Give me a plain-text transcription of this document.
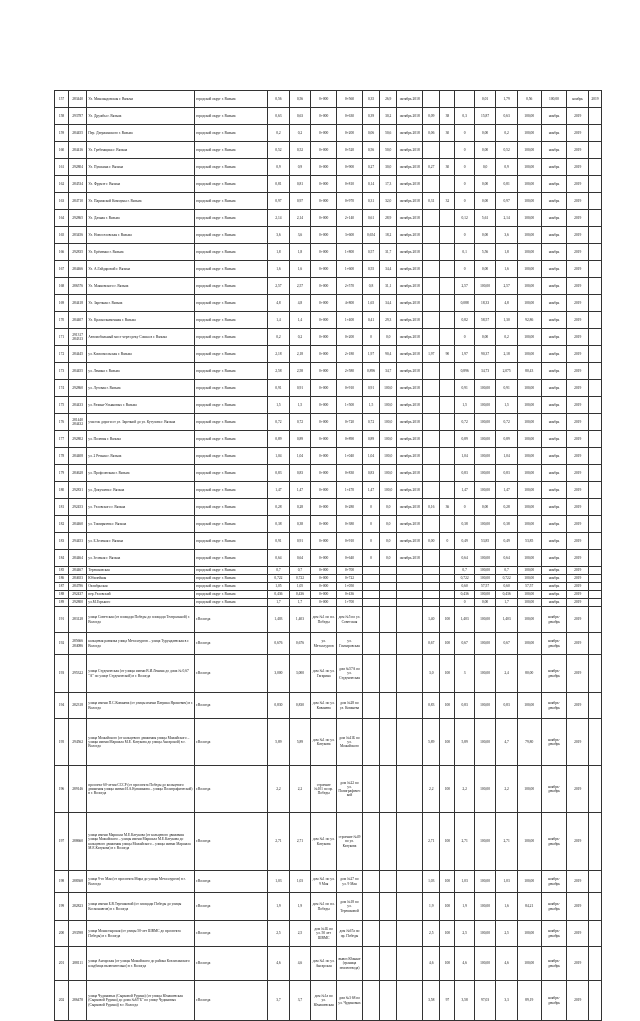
157	283440	Ул. Минландовская г. Вязьма	городской округ г. Вязьма	0,56	0,56	0+000	0+560	0,35	26,9	октябрь 2018				0,01	1,79	0,56	100,00	ноябрь	2019
158	293787	Ул. Дружбы г. Вязьма	городской округ г. Вязьма	0,63	0,63	0+000	0+630	0,39	30,2	октябрь 2018	0,09	38	0,3	15,87	0,63	100,00	ноябрь	2019	
159	284455	Пер. Дзержинского г. Вязьма	городской округ г. Вязьма	0,2	0,2	0+000	0+200	0,06	50,6	октябрь 2018	0,06	30	0	0,00	0,2	100,00	ноябрь	2019	
160	284416	Ул. Гребенщика г. Вязьма	городской округ г. Вязьма	0,52	0,52	0+000	0+520	0,56	50,0	октябрь 2018			0	0,00	0,52	100,00	ноябрь	2019	
161	292804	Ул. Пушкина г. Вязьма	городской округ г. Вязьма	0,9	0,9	0+000	0+900	0,27	30,0	октябрь 2018	0,27	30	0	0,0	0,9	100,00	ноябрь	2019	
162	284534	Ул. Фрунзе г. Вязьма	городской округ г. Вязьма	0,81	0,81	0+000	0+810	0,14	17,3	октябрь 2018			0	0,00	0,81	100,00	ноябрь	2019	
163	284710	Ул. Парижской Коммуны г. Вязьма	городской округ г. Вязьма	0,97	0,97	0+000	0+970	0,31	32,0	октябрь 2018	0,31	32	0	0,00	0,97	100,00	ноябрь	2019	
164	292865	Ул. Дачная г. Вязьма	городской округ г. Вязьма	2,14	2,14	0+000	2+140	0,61	28,9	октябрь 2018			0,12	5,61	2,14	100,00	ноябрь	2019	
165	283456	Ул. Новоселовская г. Вязьма	городской округ г. Вязьма	3,6	3,6	0+000	3+600	0,654	18,2	октябрь 2018			0	0,00	3,6	100,00	ноябрь	2019	
166	292835	Ул. Ерёменко г. Вязьма	городской округ г. Вязьма	1,8	1,8	0+000	1+800	0,57	31,7	октябрь 2018			0,1	5,56	1,8	100,00	ноябрь	2019	
167	284466	Ул. А.Гайдаровой г. Вязьма	городской округ г. Вязьма	1,6	1,6	0+000	1+600	0,55	34,4	октябрь 2018			0	0,00	1,6	100,00	ноябрь	2019	
168	286576	Ул. Маяковского г. Вязьма	городской округ г. Вязьма	2,57	2,57	0+000	2+570	0,8	31,1	октябрь 2018			2,57	100,00	2,57	100,00	ноябрь	2019	
169	284418	Ул. Заречная г. Вязьма	городской округ г. Вязьма	4,8	4,8	0+000	4+800	1,65	34,4	октябрь 2018			0,088	18,33	4,8	100,00	ноябрь	2019	
170	284407	Ул. Краснознаменная г. Вязьма	городской округ г. Вязьма	1,4	1,4	0+000	1+400	0,41	29,3	октябрь 2018			0,82	58,57	1,30	92,86	ноябрь	2019	
171	291317 284313	Автомобильный мост через реку Сошка в г. Вязьма	городской округ г. Вязьма	0,2	0,2	0+000	0+200	0	0,0	октябрь 2018			0	0,00	0,2	100,00	ноябрь	2019	
172	284445	ул. Комсомольская г. Вязьма	городской округ г. Вязьма	2,18	2,18	0+000	2+180	1,97	90,4	октябрь 2018	1,97	90	1,97	90,37	2,18	100,00	ноябрь	2019	
173	284455	ул. Ленина г. Вязьма	городской округ г. Вязьма	2,58	2,58	0+000	2+580	0,896	34,7	октябрь 2018			0,896	34,73	2,075	80,43	ноябрь	2019	
174	292860	ул. Луговая г. Вязьма	городской округ г. Вязьма	0,91	0,91	0+000	0+910	0,91	100,0	октябрь 2018			0,91	100,00	0,91	100,00	ноябрь	2019	
175	284433	ул. Разина-Ульяновых г. Вязьма	городской округ г. Вязьма	1,5	1,5	0+000	1+500	1,5	100,0	октябрь 2018			1,5	100,00	1,5	100,00	ноябрь	2019	
176	281440 284432	участок дороги от ул. Заречной до ул. Кутузова г. Вязьма	городской округ г. Вязьма	0,72	0,72	0+000	0+720	0,72	100,0	октябрь 2018			0,72	100,00	0,72	100,00	ноябрь	2019	
177	292802	ул. Полевая г. Вязьма	городской округ г. Вязьма	0,89	0,89	0+000	0+890	0,89	100,0	октябрь 2018			0,89	100,00	0,89	100,00	ноябрь	2019	
178	284408	ул. 2 Речная г. Вязьма	городской округ г. Вязьма	1,04	1,04	0+000	1+040	1,04	100,0	октябрь 2018			1,04	100,00	1,04	100,00	ноябрь	2019	
179	284628	ул. Профсоюзная г. Вязьма	городской округ г. Вязьма	0,83	0,83	0+000	0+830	0,83	100,0	октябрь 2018			0,83	100,00	0,83	100,00	ноябрь	2019	
180	292831	ул. Докучаева г. Вязьма	городской округ г. Вязьма	1,47	1,47	0+000	1+470	1,47	100,0	октябрь 2018			1,47	100,00	1,47	100,00	ноябрь	2019	
181	292453	ул. Узловского г. Вязьма	городской округ г. Вязьма	0,28	0,28	0+000	0+280	0	0,0	октябрь 2018	0,16	36	0	0,00	0,28	100,00	ноябрь	2019	
182	284460	ул. Тимирязева г. Вязьма	городской округ г. Вязьма	0,38	0,38	0+000	0+380	0	0,0	октябрь 2018			0,38	100,00	0,38	100,00	ноябрь	2019	
183	294453	ул. Б.Зеленая г. Вязьма	городской округ г. Вязьма	0,91	0,91	0+000	0+910	0	0,0	октябрь 2018	0,00	0	0,49	53,85	0,49	53,85	ноябрь	2019	
184	284464	ул. Зеленая г. Вязьма	городской округ г. Вязьма	0,64	0,64	0+000	0+640	0	0,0	октябрь 2018			0,64	100,00	0,64	100,00	ноябрь	2019	
185	284467	Терешковская	городской округ г. Вязьма	0,7	0,7	0+000	0+700						0,7	100,00	0,7	100,00	ноябрь	2019	
186	284653	Юбилейная	городской округ г. Вязьма	0,722	0,722	0+000	0+722						0,722	100,00	0,722	100,00	ноябрь	2019	
187	284786	Октябрьская	городской округ г. Вязьма	1,05	1,05	0+000	1+050						0,60	57,57	0,60	57,57	ноябрь	2019	
188	292437	пер.Узловский	городской округ г. Вязьма	0,436	0,436	0+000	0+436						0,436	100,00	0,436	100,00	ноябрь	2019	
189	292800	ул.М.Горького	городской округ г. Вязьма	1,7	1,7	0+000	1+700						0	0,00	1,7	100,00	ноябрь	2019	
191	283128	улица Советская (от площади Победы до площади Театральной) г. Вологда	г.Вологда	1,403	1,403	дом №1 по пл. Победы	дом №5 по ул. Советская				1,40	100	1,403	100,00	1,403	100,00	ноябрь-декабрь	2019	
192	285666 284086	кольцевая развязка улица Металлургов – улица Турундаевская в г. Вологда	г.Вологда	0,676	0,676	ул. Металлургов	ул. Гончаровская				0,67	100	0,67	100,00	0,67	100,00	ноябрь-декабрь	2019	
193	295322	улица Студенческая (от улицы имени В.И.Ленина до дома № 0,67 "А" по улице Студенческой) в г. Вологда	г.Вологда	3,000	3,000	дом №1 по ул. Гагарина	дом №57А по ул. Студенческая				3,0	100	3	100,00	2,4	80,00	ноябрь-декабрь	2019	
194	282318	улица имени П.С.Кованева (от улицы имени Патрика Ярошевич) в г. Вологда	г.Вологда	0,830	0,830	дом №1 по ул. Кованева	дом №28 по ул. Кованева				0,83	100	0,83	100,00	0,83	100,00	ноябрь-декабрь	2019	
195	294562	улица Можайского (от кольцевого движения улицы Можайского – улицы имени Маршала М.Е. Катукова до улицы Ангарской) в г. Вологда	г.Вологда	5,89	5,89	дом №1 по ул. Катукова	дом №41Б по ул. Можайского				5,89	100	5,89	100,00	4,7	79,80	ноябрь-декабрь	2019	
196	289146	проспект 60-летия СССР (от проспекта Победы до кольцевого движения улицы имени И.А.Кувшинова – улицы Полиграфической) в г. Вологда	г.Вологда	2,2	2,2	строение №101 по пр. Победы	дом №22 по ул. Полиграфической				2,2	100	2,2	100,00	2,2	100,00	ноябрь-декабрь	2019	
197	288660	улица имени Маршала М.Е.Катукова (от кольцевого движения улицы Можайского – улицы имени Маршала М.Е.Катукова до кольцевого движения улицы Можайского – улицы имени Маршала М.Е.Катукова) в г. Вологда	г.Вологда	2,71	2,71	дом №1 по ул. Катукова	строение №49 по ул. Катукова				2,71	100	2,71	100,00	2,71	100,00	ноябрь-декабрь	2019	
198	288368	улица 9-го Мая (от проспекта Мира до улицы Металлургов) в г. Вологда	г.Вологда	1,03	1,03	дом №1 по ул. 9 Мая	дом №27 по ул. 9 Мая				1,03	100	1,03	100,00	1,03	100,00	ноябрь-декабрь	2019	
199	282823	улица имени Б.В.Терешковой (от площади Победы до улицы Космонавтов) в г. Вологда	г.Вологда	1,9	1,9	дом №1 по пл. Победы	дом №18 по ул. Терешковой				1,9	100	1,9	100,00	1,6	84,21	ноябрь-декабрь	2019	
200	293598	улица Монастырская (от улицы 50-лет ШВМС до проспекта Победы) в г. Вологда	г.Вологда	2,5	2,5	дом №1Б по ул. 50 лет ШВМС	дом №67а по пр. Победы				2,5	100	2,5	100,00	2,5	100,00	ноябрь-декабрь	2019	
201	288111	улица Ангарская (от улицы Можайского до района Козлихинского кладбища включительно) в г. Вологда	г.Вологда	4,6	4,6	дом №1 по ул. Ангарская	вывоз Южные (граница землеотвода)				4,6	100	4,6	100,00	4,6	100,00	ноябрь-декабрь	2019	
202	286478	улица Чудиновых (Сырковой Рудина) (от улицы Юмашевская (Сырковой Рудина) до дома №65"Б" по улице Чудиновых (Сырковой Рудина)) в г. Вологда	г.Вологда	3,7	3,7	дом №1а по ул. Юмашевская	дом №3 68 по ул. Чудиновых				3,58	97	3,58	97,03	3,3	89,19	ноябрь-декабрь	2019	
